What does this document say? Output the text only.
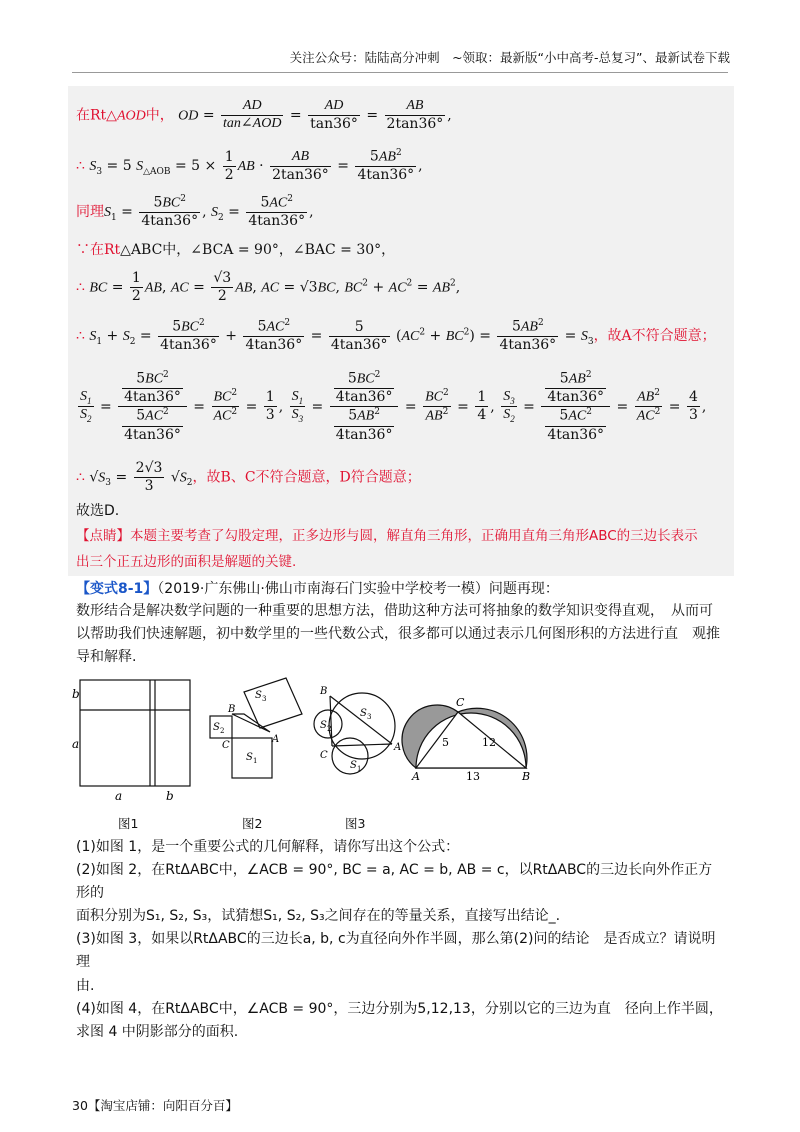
关注公众号：陆陆高分冲刺　~领取：最新版“小中高考-总复习”、最新试卷下载
在Rt△AOD中， OD = $\frac{AD}{\text{tan∠AOD}} = \frac{AD}{\tan 36^\circ} = \frac{AB}{2\tan 36^\circ}$ ,
∴ $S_3 = 5$ $S_{\triangle AOB} = 5 \times \frac{1}{2}$ AB · $\frac{AB}{2\tan 36^\circ} = \frac{5AB^2}{4\tan 36^\circ}$ ,
同理$S_1 = \frac{5BC^2}{4\tan 36^\circ}$ , $S_2 = \frac{5AC^2}{4\tan 36^\circ}$ ,
∵在Rt△ABC中，∠BCA = 90°，∠BAC = 30°，
∴ BC = $\frac{1}{2}$ AB, AC = $\frac{√3}{2}$ AB, AC = √3BC, $BC^2 + AC^2 = AB^2$,
∴ $S_1 + S_2 = \frac{5BC^2}{4\tan 36^\circ} + \frac{5AC^2}{4\tan 36^\circ} = \frac{5}{4\tan 36^\circ} (AC^2 + BC^2) = \frac{5AB^2}{4\tan 36^\circ} = S_3$，故A不符合题意；
$\frac{S_1}{S_2} = \frac{\frac{5BC^2}{4\tan 36^\circ}}{\frac{5AC^2}{4\tan 36^\circ}} = \frac{BC^2}{AC^2} = \frac{1}{3}$ , $\frac{S_1}{S_3} = \frac{\frac{5BC^2}{4\tan 36^\circ}}{\frac{5AB^2}{4\tan 36^\circ}} = \frac{BC^2}{AB^2} = \frac{1}{4}$ , $\frac{S_3}{S_2} = \frac{\frac{5AB^2}{4\tan 36^\circ}}{\frac{5AC^2}{4\tan 36^\circ}} = \frac{AB^2}{AC^2} = \frac{4}{3}$ ,
∴ $√S_3 = \frac{2√3}{3} √S_2$，故B、C不符合题意，D符合题意；
故选D.
【点睛】本题主要考查了勾股定理，正多边形与圆，解直角三角形，正确用直角三角形ABC的三边长表示
出三个正五边形的面积是解题的关键.
【变式8-1】（2019·广东佛山·佛山市南海石门实验中学校考一模）问题再现：
数形结合是解决数学问题的一种重要的思想方法，借助这种方法可将抽象的数学知识变得直观，　从而可
以帮助我们快速解题，初中数学里的一些代数公式，很多都可以通过表示几何图形积的方法进行直　观推
导和解释.
b
a
a	b
S 3
S 2
S 1
B
C
A
S 3
S 2
S 1
B
C
A
C
A	B
5	12
13
图1	图2	图3
(1)如图 1，是一个重要公式的几何解释，请你写出这个公式：
(2)如图 2，在RtΔABC中，∠ACB = 90°, BC = a, AC = b, AB = c，以RtΔABC的三边长向外作正方形的
面积分别为S₁, S₂, S₃，试猜想S₁, S₂, S₃之间存在的等量关系，直接写出结论_.
(3)如图 3，如果以RtΔABC的三边长a, b, c为直径向外作半圆，那么第(2)问的结论　是否成立？请说明理
由.
(4)如图 4，在RtΔABC中，∠ACB = 90°，三边分别为5,12,13，分别以它的三边为直　径向上作半圆，
求图 4 中阴影部分的面积.
30【淘宝店铺：向阳百分百】
